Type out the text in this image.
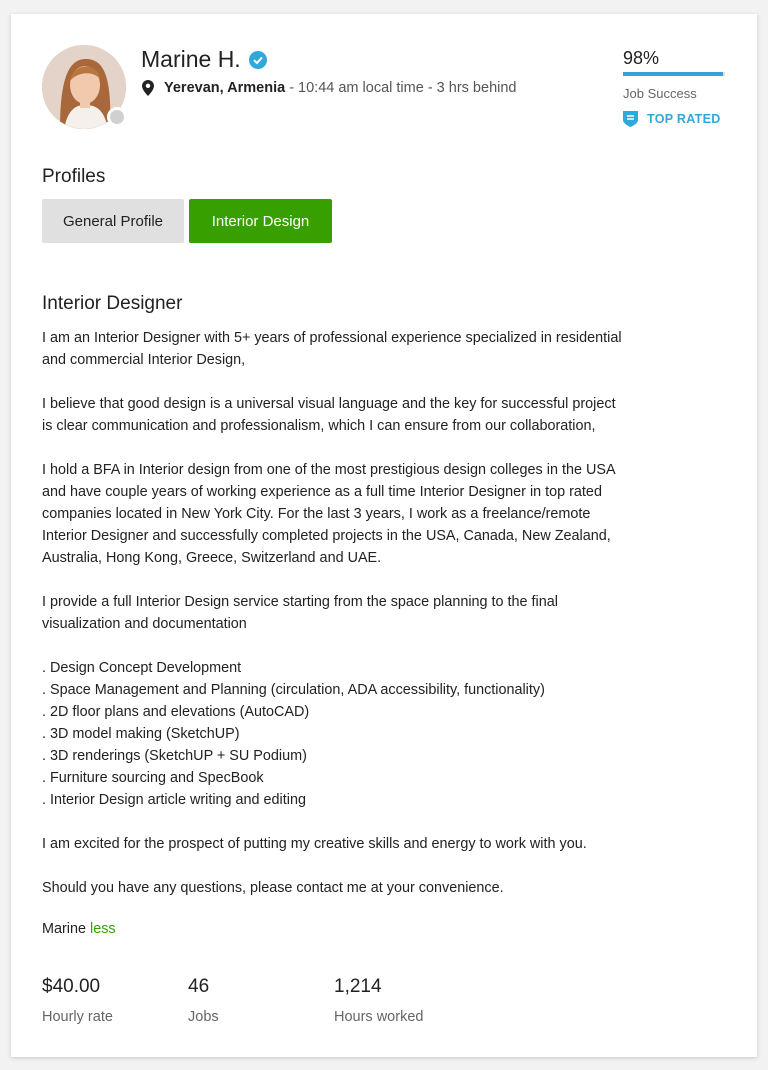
Marine H.
Yerevan, Armenia - 10:44 am local time - 3 hrs behind
98%
Job Success
TOP RATED
Profiles
General Profile	Interior Design
Interior Designer

I am an Interior Designer with 5+ years of professional experience specialized in residential

and commercial Interior Design,

I believe that good design is a universal visual language and the key for successful project

is clear communication and professionalism, which I can ensure from our collaboration,

I hold a BFA in Interior design from one of the most prestigious design colleges in the USA

and have couple years of working experience as a full time Interior Designer in top rated

companies located in New York City. For the last 3 years, I work as a freelance/remote

Interior Designer and successfully completed projects in the USA, Canada, New Zealand,

Australia, Hong Kong, Greece, Switzerland and UAE.

I provide a full Interior Design service starting from the space planning to the final

visualization and documentation

. Design Concept Development

. Space Management and Planning (circulation, ADA accessibility, functionality)

. 2D floor plans and elevations (AutoCAD)

. 3D model making (SketchUP)

. 3D renderings (SketchUP + SU Podium)

. Furniture sourcing and SpecBook

. Interior Design article writing and editing

I am excited for the prospect of putting my creative skills and energy to work with you.

Should you have any questions, please contact me at your convenience.

Marine less
$40.00
Hourly rate
46
Jobs
1,214
Hours worked
